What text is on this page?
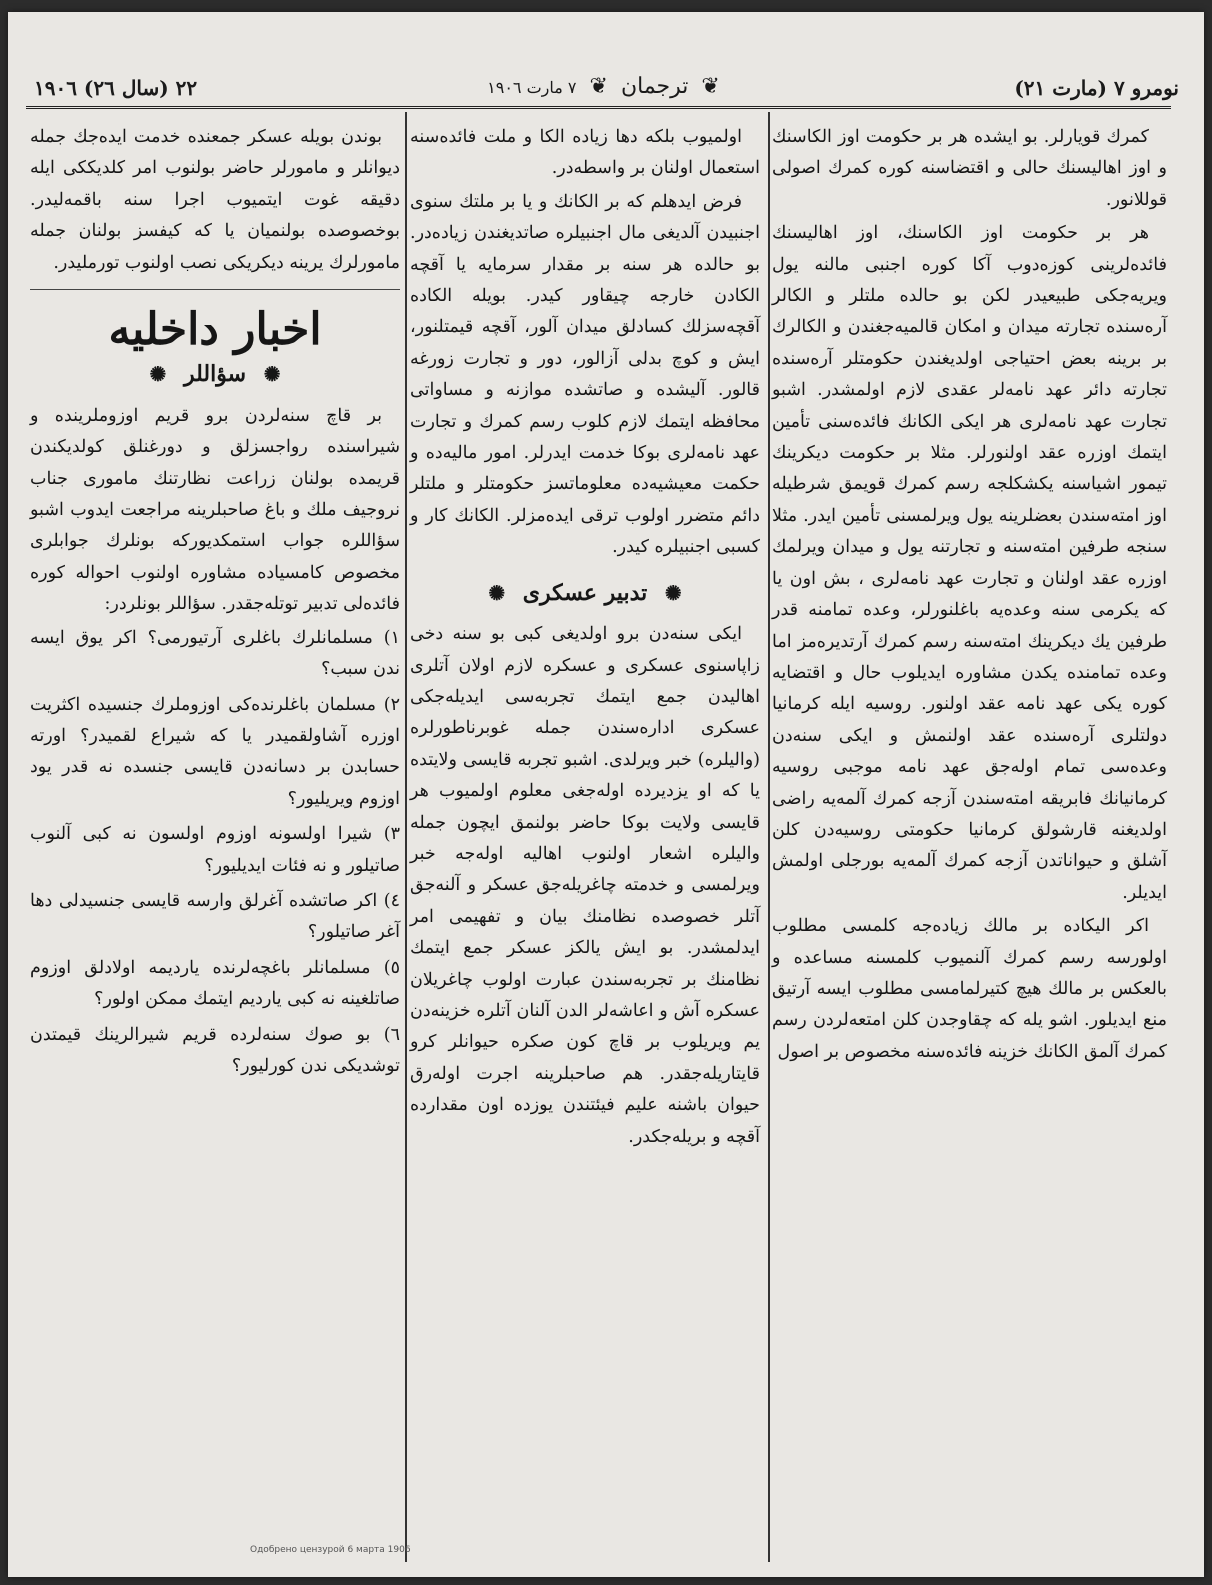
نومرو ٧ (مارت ٢١)
❦ ترجمان ❦ ٧ مارت ١٩٠٦
٢٢ (سال ٢٦) ١٩٠٦

كمرك قويارلر. بو ايشده هر بر حكومت اوز الكاسنك و اوز اهاليسنك حالى و اقتضاسنه كوره كمرك اصولى قوللانور.

هر بر حكومت اوز الكاسنك، اوز اهاليسنك فائده‌لرينى كوزه‌دوب آكا كوره اجنبى مالنه يول ويريه‌جكى طبيعيدر لكن بو حالده ملتلر و الكالر آره‌سنده تجارته ميدان و امكان قالميه‌جغندن و الكالرك بر برينه بعض احتياجى اولديغندن حكومتلر آره‌سنده تجارته دائر عهد نامه‌لر عقدى لازم اولمشدر. اشبو تجارت عهد نامه‌لرى هر ايكى الكانك فائده‌سنى تأمين ايتمك اوزره عقد اولنورلر. مثلا بر حكومت ديكرينك تيمور اشياسنه يكشكلجه رسم كمرك قويمق شرطيله اوز امته‌سندن بعضلرينه يول ويرلمسنى تأمين ايدر. مثلا سنجه طرفين امته‌سنه و تجارتنه يول و ميدان ويرلمك اوزره عقد اولنان و تجارت عهد نامه‌لرى ، بش اون يا كه يكرمى سنه وعده‌يه باغلنورلر، وعده تمامنه قدر طرفين يك ديكرينك امته‌سنه رسم كمرك آرتديره‌مز اما وعده تمامنده يكدن مشاوره ايديلوب حال و اقتضايه كوره يكى عهد نامه عقد اولنور. روسيه ايله كرمانيا دولتلرى آره‌سنده عقد اولنمش و ايكى سنه‌دن وعده‌سى تمام اوله‌جق عهد نامه موجبى روسيه كرمانيانك فابريقه امته‌سندن آزجه كمرك آلمه‌يه راضى اولديغنه قارشولق كرمانيا حكومتى روسيه‌دن كلن آشلق و حيواناتدن آزجه كمرك آلمه‌يه بورجلى اولمش ايديلر.

اكر اليكاده بر مالك زياده‌جه كلمسى مطلوب اولورسه رسم كمرك آلنميوب كلمسنه مساعده و بالعكس بر مالك هيچ كتيرلمامسى مطلوب ايسه آرتيق منع ايديلور. اشو يله كه چقاوجدن كلن امتعه‌لردن رسم كمرك آلمق الكانك خزينه فائده‌سنه مخصوص بر اصول

اولميوب بلكه دها زياده الكا و ملت فائده‌سنه استعمال اولنان بر واسطه‌در.

فرض ايدهلم كه بر الكانك و يا بر ملتك سنوى اجنبيدن آلديغى مال اجنبيلره صاتديغندن زياده‌در. بو حالده هر سنه بر مقدار سرمايه يا آقچه الكادن خارجه چيقاور كيدر. بويله الكاده آقچه‌سزلك كسادلق ميدان آلور، آقچه قيمتلنور، ايش و كوچ بدلى آزالور، دور و تجارت زورغه قالور. آليشده و صاتشده موازنه و مساواتى محافظه ايتمك لازم كلوب رسم كمرك و تجارت عهد نامه‌لرى بوكا خدمت ايدرلر. امور ماليه‌ده و حكمت معيشيه‌ده معلوماتسز حكومتلر و ملتلر دائم متضرر اولوب ترقى ايده‌مزلر. الكانك كار و كسبى اجنبيلره كيدر.

✺ تدبير عسكرى ✺

ايكى سنه‌دن برو اولديغى كبى بو سنه دخى زاپاسنوى عسكرى و عسكره لازم اولان آتلرى اهاليدن جمع ايتمك تجربه‌سى ايديله‌جكى عسكرى اداره‌سندن جمله غوبرناطورلره (واليلره) خبر ويرلدى. اشبو تجربه قايسى ولايتده يا كه او يزديرده اوله‌جغى معلوم اولميوب هر قايسى ولايت بوكا حاضر بولنمق ايچون جمله واليلره اشعار اولنوب اهاليه اوله‌جه خبر ويرلمسى و خدمته چاغريله‌جق عسكر و آلنه‌جق آتلر خصوصده نظامنك بيان و تفهيمى امر ايدلمشدر. بو ايش يالكز عسكر جمع ايتمك نظامنك بر تجربه‌سندن عبارت اولوب چاغريلان عسكره آش و اعاشه‌لر الدن آلنان آتلره خزينه‌دن يم ويريلوب بر قاچ كون صكره حيوانلر كرو قايتاريله‌جقدر. هم صاحبلرينه اجرت اوله‌رق حيوان باشنه عليم فيئتندن يوزده اون مقدارده آقچه و بريله‌جكدر.

بوندن بويله عسكر جمعنده خدمت ايده‌جك جمله ديوانلر و مامورلر حاضر بولنوب امر كلديككى ايله دقيقه غوت ايتميوب اجرا سنه باقمه‌ليدر. بوخصوصده بولنميان يا كه كيفسز بولنان جمله مامورلرك يرينه ديكريكى نصب اولنوب تورمليدر.

اخبار داخليه
✺ سؤاللر ✺

بر قاچ سنه‌لردن برو قريم اوزوملرينده و شيراسنده رواجسزلق و دورغنلق كولديكندن قريمده بولنان زراعت نظارتنك مامورى جناب نروجيف ملك و باغ صاحبلرينه مراجعت ايدوب اشبو سؤاللره جواب استمكديوركه بونلرك جوابلرى مخصوص كامسياده مشاوره اولنوب احواله كوره فائده‌لى تدبير توتله‌جقدر. سؤاللر بونلردر:

١) مسلمانلرك باغلرى آرتيورمى؟ اكر يوق ايسه ندن سبب؟
٢) مسلمان باغلرنده‌كى اوزوملرك جنسيده اكثريت اوزره آشاولقميدر يا كه شيراع لقميدر؟ اورته حسابدن بر دسانه‌دن قايسى جنسده نه قدر يود اوزوم ويريليور؟
٣) شيرا اولسونه اوزوم اولسون نه كبى آلنوب صاتيلور و نه فئات ايديليور؟
٤) اكر صاتشده آغرلق وارسه قايسى جنسيدلى دها آغر صاتيلور؟
٥) مسلمانلر باغچه‌لرنده يارديمه اولادلق اوزوم صاتلغينه نه كبى يارديم ايتمك ممكن اولور؟
٦) بو صوك سنه‌لرده قريم شيرالرينك قيمتدن توشديكى ندن كورليور؟
Одобрено цензурой 6 марта 1906
